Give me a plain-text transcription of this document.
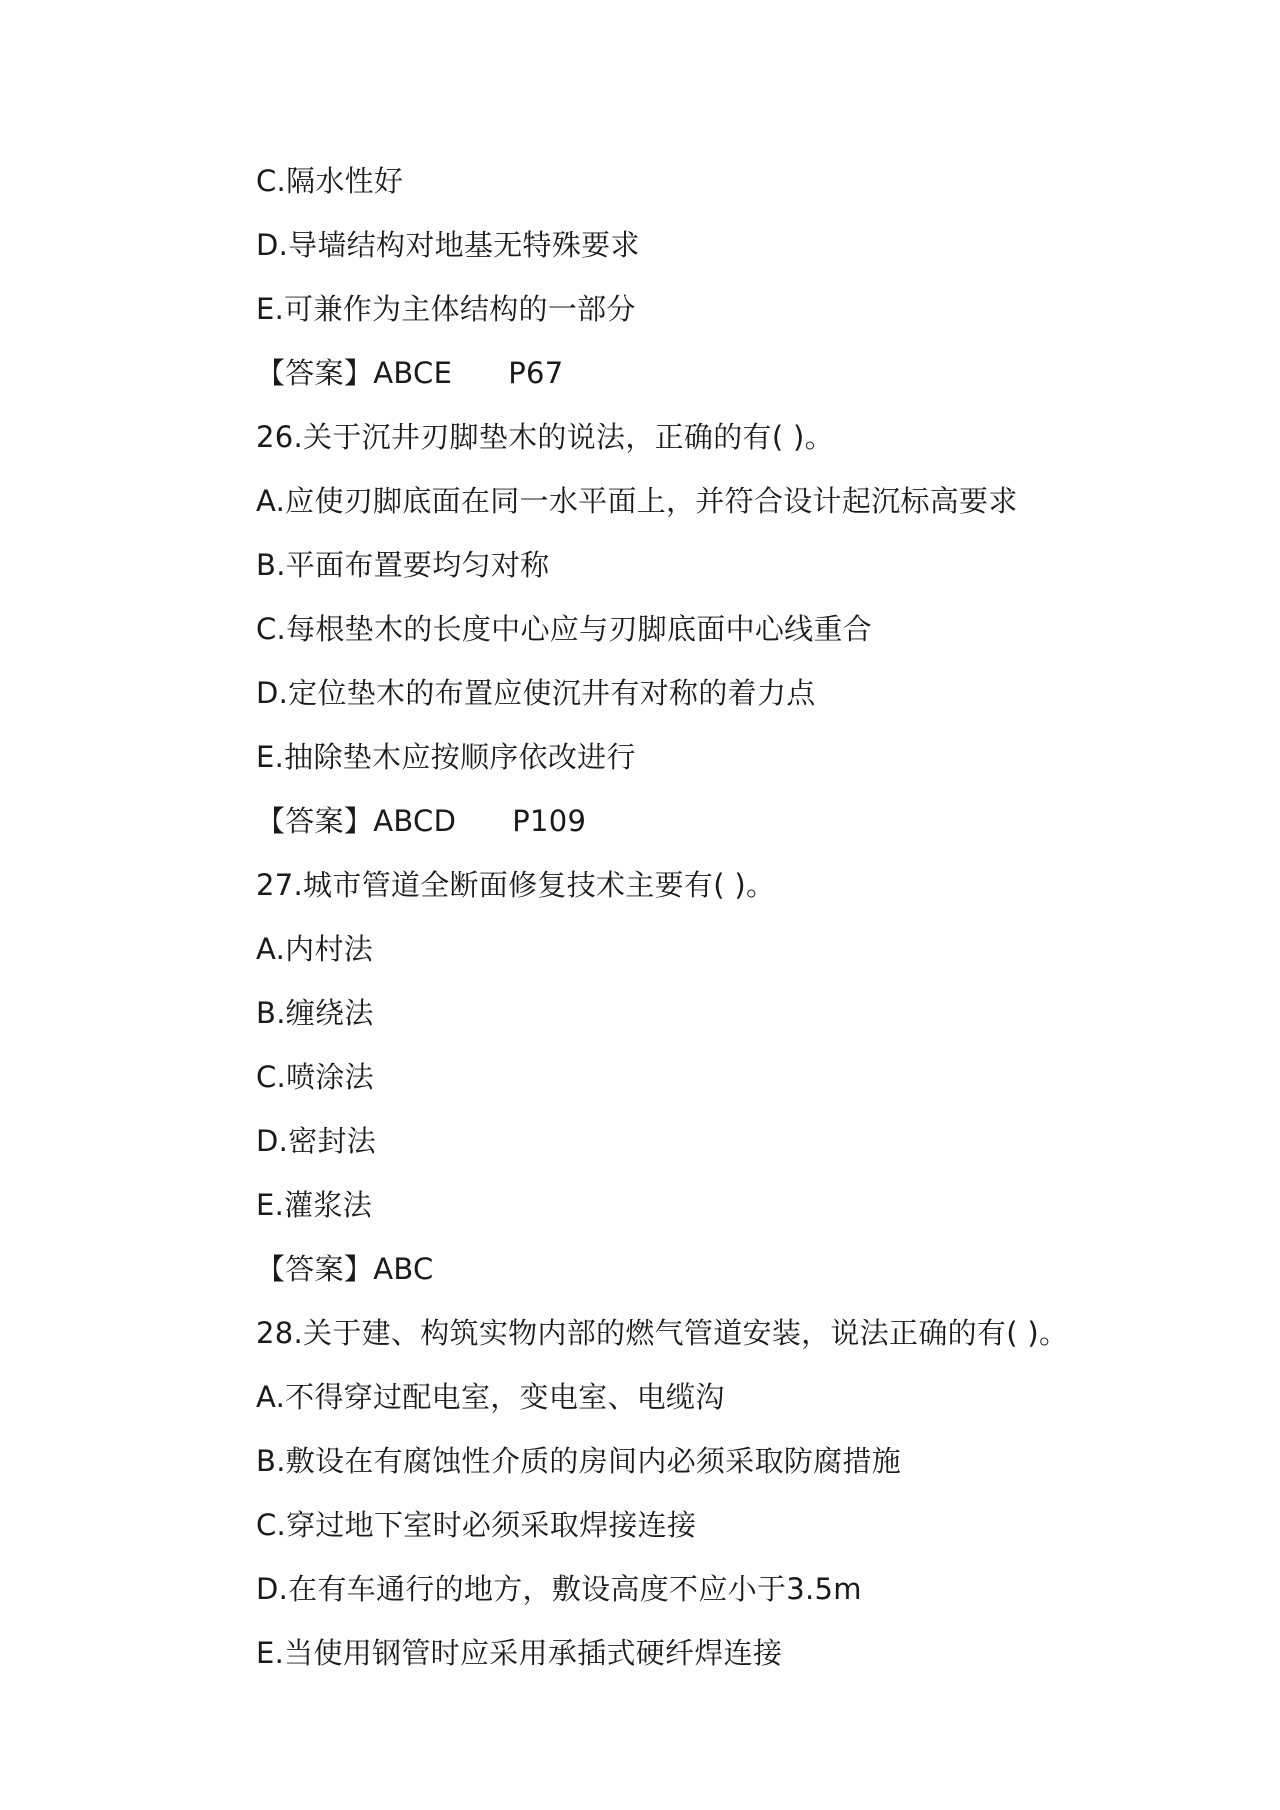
C.隔水性好
D.导墙结构对地基无特殊要求
E.可兼作为主体结构的一部分
【答案】ABCE P67
26.关于沉井刃脚垫木的说法，正确的有( )。
A.应使刃脚底面在同一水平面上，并符合设计起沉标高要求
B.平面布置要均匀对称
C.每根垫木的长度中心应与刃脚底面中心线重合
D.定位垫木的布置应使沉井有对称的着力点
E.抽除垫木应按顺序依改进行
【答案】ABCD P109
27.城市管道全断面修复技术主要有( )。
A.内村法
B.缠绕法
C.喷涂法
D.密封法
E.灌浆法
【答案】ABC
28.关于建、构筑实物内部的燃气管道安装，说法正确的有( )。
A.不得穿过配电室，变电室、电缆沟
B.敷设在有腐蚀性介质的房间内必须采取防腐措施
C.穿过地下室时必须采取焊接连接
D.在有车通行的地方，敷设高度不应小于3.5m
E.当使用钢管时应采用承插式硬纤焊连接
